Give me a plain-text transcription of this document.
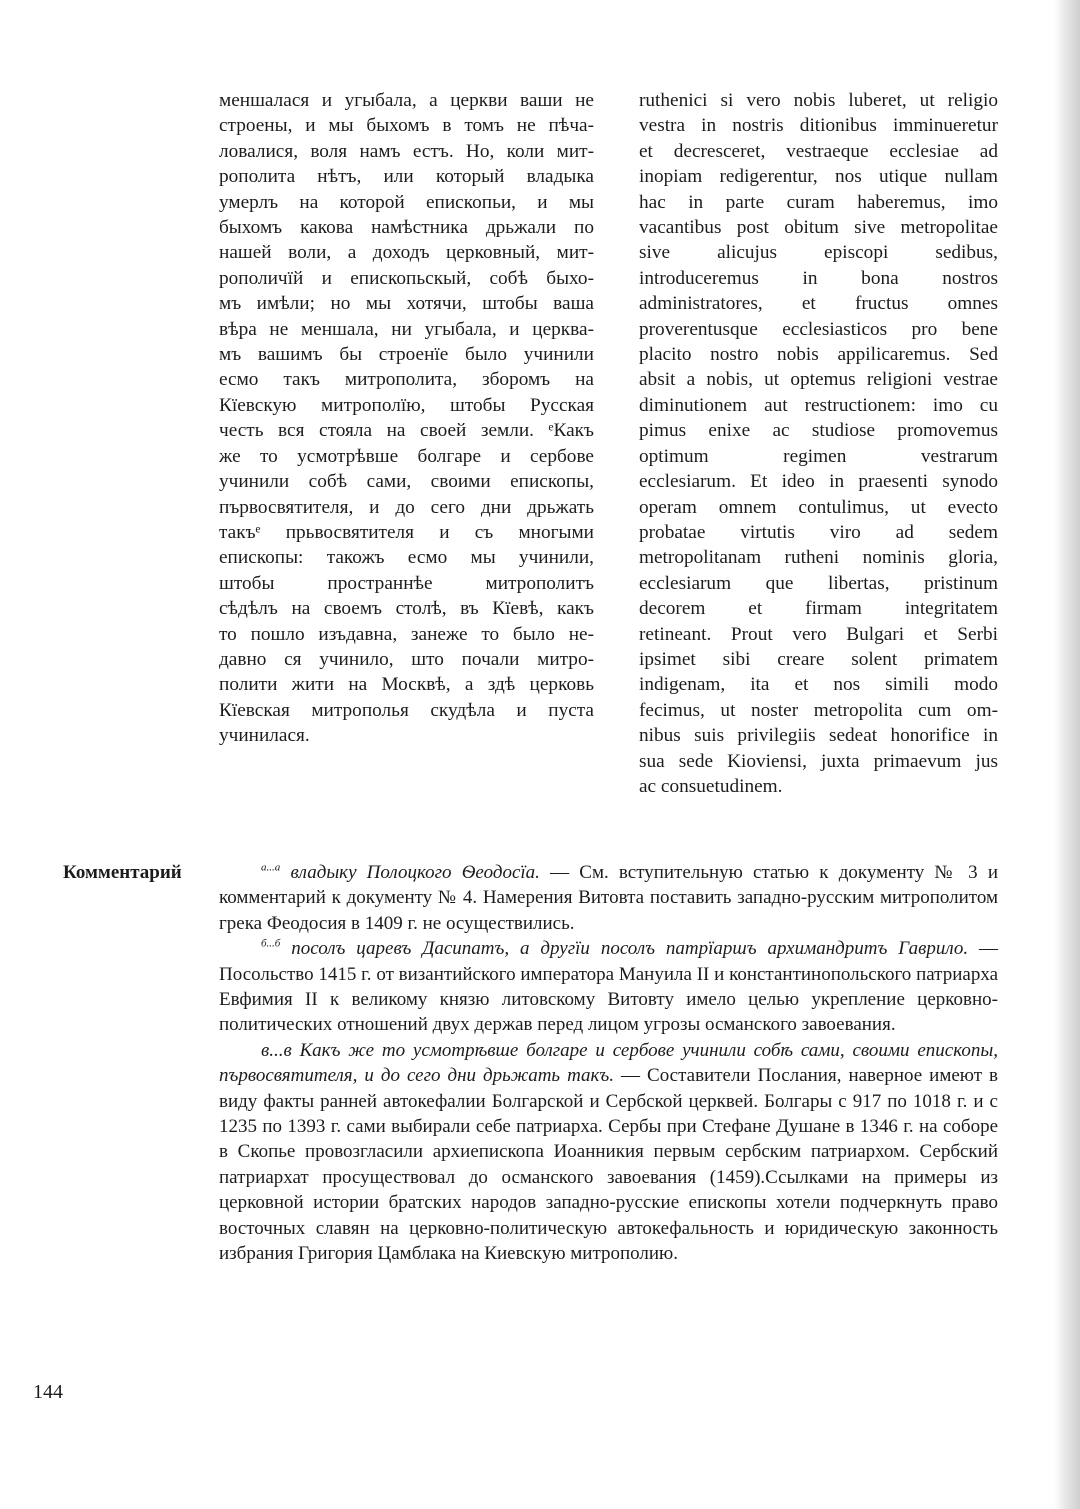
меншалася и угыбала, а церкви ваши не

строены, и мы быхомъ в томъ не пѣча-

ловалися, воля намъ естъ. Но, коли мит-

рополита нѣтъ, или который владыка

умерлъ на которой епископьи, и мы

быхомъ какова намѣстника дрьжали по

нашей воли, а доходъ церковный, мит-

рополичїй и епископьскый, собѣ быхо-

мъ имѣли; но мы хотячи, штобы ваша

вѣра не меншала, ни угыбала, и церква-

мъ вашимъ бы строенїе было учинили

есмо такъ митрополита, зборомъ на

Кїевскую митрополїю, штобы Русская

честь вся стояла на своей земли. ᵉКакъ

же то усмотрѣвше болгаре и сербове

учинили собѣ сами, своими епископы,

първосвятителя, и до сего дни дрьжать

такъᵉ прьвосвятителя и съ многыми

епископы: такожъ есмо мы учинили,

штобы пространнѣе митрополитъ

сѣдѣлъ на своемъ столѣ, въ Кїевѣ, какъ

то пошло изъдавна, занеже то было не-

давно ся учинило, што почали митро-

полити жити на Москвѣ, а здѣ церковь

Кїевская митрополья скудѣла и пуста

учинилася.

ruthenici si vero nobis luberet, ut religio

vestra in nostris ditionibus imminueretur

et decresceret, vestraeque ecclesiae ad

inopiam redigerentur, nos utique nullam

hac in parte curam haberemus, imo

vacantibus post obitum sive metropolitae

sive alicujus episcopi sedibus,

introduceremus in bona nostros

administratores, et fructus omnes

proverentusque ecclesiasticos pro bene

placito nostro nobis appilicaremus. Sed

absit a nobis, ut optemus religioni vestrae

diminutionem aut restructionem: imo cu

pimus enixe ac studiose promovemus

optimum regimen vestrarum

ecclesiarum. Et ideo in praesenti synodo

operam omnem contulimus, ut evecto

probatae virtutis viro ad sedem

metropolitanam rutheni nominis gloria,

ecclesiarum que libertas, pristinum

decorem et firmam integritatem

retineant. Prout vero Bulgari et Serbi

ipsimet sibi creare solent primatem

indigenam, ita et nos simili modo

fecimus, ut noster metropolita cum om-

nibus suis privilegiis sedeat honorifice in

sua sede Kioviensi, juxta primaevum jus

ac consuetudinem.

Комментарий	$^{а...а}$ владыку Полоцкого Ѳеодосїа. — См. вступительную статью к документу № 3 и комментарий к документу № 4. Намерения Витовта поставить западно-русским митрополитом грека Феодосия в 1409 г. не осуществились.

$^{б...б}$ посолъ царевъ Дасипатъ, а другїи посолъ патрїаршъ архимандритъ Гаврило. — Посольство 1415 г. от византийского императора Мануила II и константинопольского патриарха Евфимия II к великому князю литовскому Витовту имело целью укрепление церковно-политических отношений двух держав перед лицом угрозы османского завоевания.

в...в Какъ же то усмотрѣвше болгаре и сербове учинили собѣ сами, своими епископы, първосвятителя, и до сего дни дрьжать такъ. — Составители Послания, наверное имеют в виду факты ранней автокефалии Болгарской и Сербской церквей. Болгары с 917 по 1018 г. и с 1235 по 1393 г. сами выбирали себе патриарха. Сербы при Стефане Душане в 1346 г. на соборе в Скопье провозгласили архиепископа Иоанникия первым сербским патриархом. Сербский патриархат просуществовал до османского завоевания (1459).Ссылками на примеры из церковной истории братских народов западно-русские епископы хотели подчеркнуть право восточных славян на церковно-политическую автокефальность и юридическую законность избрания Григория Цамблака на Киевскую митрополию.

144
